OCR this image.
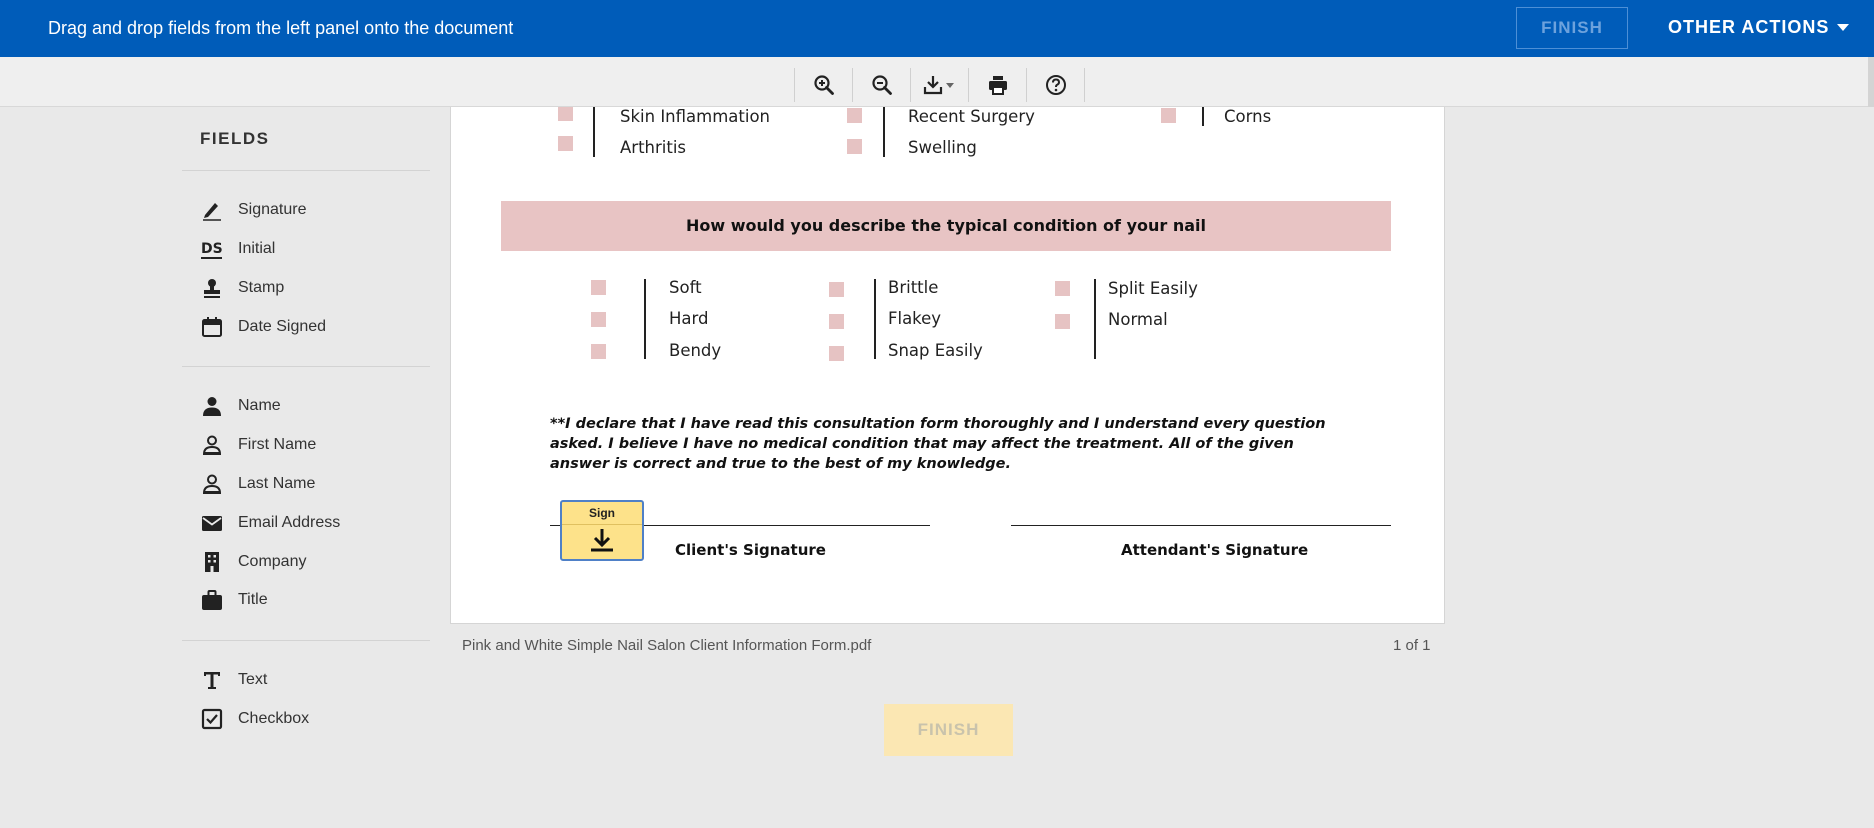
Drag and drop fields from the left panel onto the document	FINISH	OTHER ACTIONS
FIELDS
Signature
DS Initial
Stamp
Date Signed
Name
First Name
Last Name
Email Address
Company
Title
Text
Checkbox
Skin Inflammation
Arthritis
Recent Surgery
Swelling
Corns
How would you describe the typical condition of your nail
Soft
Hard
Bendy
Brittle
Flakey
Snap Easily
Split Easily
Normal
**I declare that I have read this consultation form thoroughly and I understand every question asked. I believe I have no medical condition that may affect the treatment. All of the given answer is correct and true to the best of my knowledge.
Client's Signature	Attendant's Signature
Sign
Pink and White Simple Nail Salon Client Information Form.pdf	1 of 1
FINISH
